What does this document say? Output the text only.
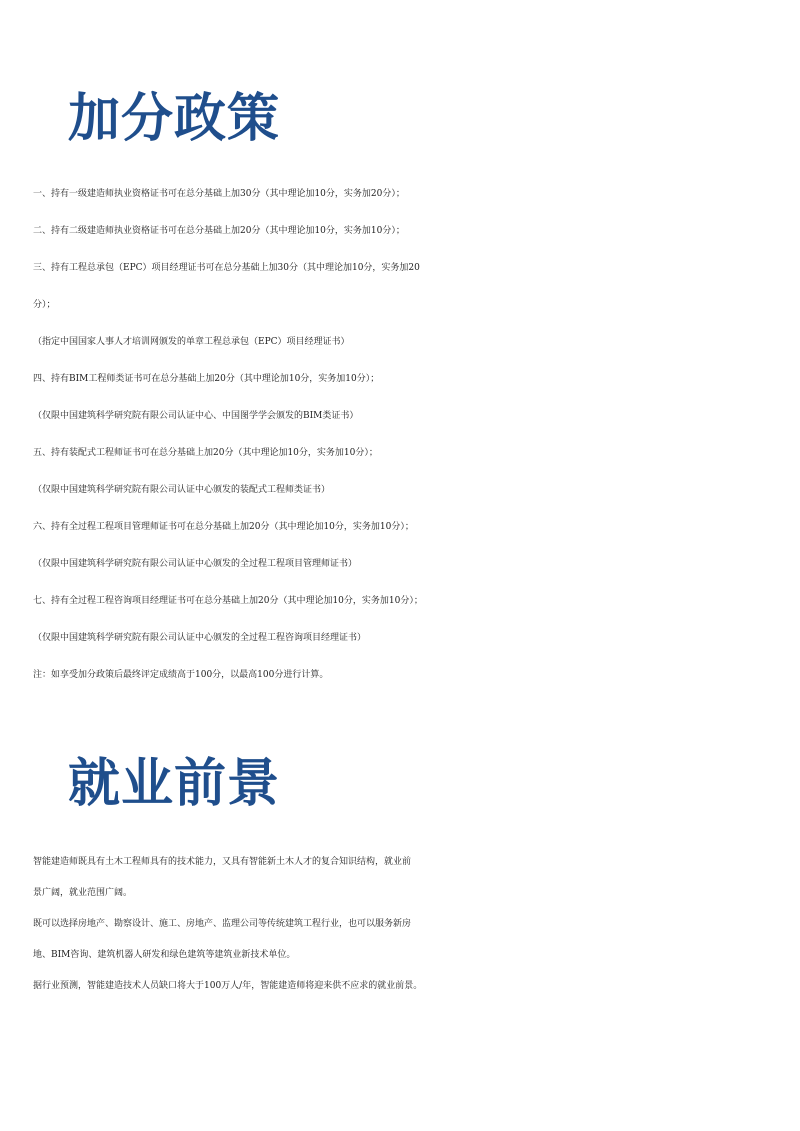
加分政策
一、持有一级建造师执业资格证书可在总分基础上加30分（其中理论加10分，实务加20分）；
二、持有二级建造师执业资格证书可在总分基础上加20分（其中理论加10分，实务加10分）；
三、持有工程总承包（EPC）项目经理证书可在总分基础上加30分（其中理论加10分，实务加20
分）；
（指定中国国家人事人才培训网颁发的单章工程总承包（EPC）项目经理证书）
四、持有BIM工程师类证书可在总分基础上加20分（其中理论加10分，实务加10分）；
（仅限中国建筑科学研究院有限公司认证中心、中国图学学会颁发的BIM类证书）
五、持有装配式工程师证书可在总分基础上加20分（其中理论加10分，实务加10分）；
（仅限中国建筑科学研究院有限公司认证中心颁发的装配式工程师类证书）
六、持有全过程工程项目管理师证书可在总分基础上加20分（其中理论加10分，实务加10分）；
（仅限中国建筑科学研究院有限公司认证中心颁发的全过程工程项目管理师证书）
七、持有全过程工程咨询项目经理证书可在总分基础上加20分（其中理论加10分，实务加10分）；
（仅限中国建筑科学研究院有限公司认证中心颁发的全过程工程咨询项目经理证书）
注：如享受加分政策后最终评定成绩高于100分，以最高100分进行计算。
就业前景
智能建造师既具有土木工程师具有的技术能力，又具有智能新土木人才的复合知识结构，就业前
景广阔，就业范围广阔。
既可以选择房地产、勘察设计、施工、房地产、监理公司等传统建筑工程行业，也可以服务新房
地、BIM咨询、建筑机器人研发和绿色建筑等建筑业新技术单位。
据行业预测，智能建造技术人员缺口将大于100万人/年，智能建造师将迎来供不应求的就业前景。
